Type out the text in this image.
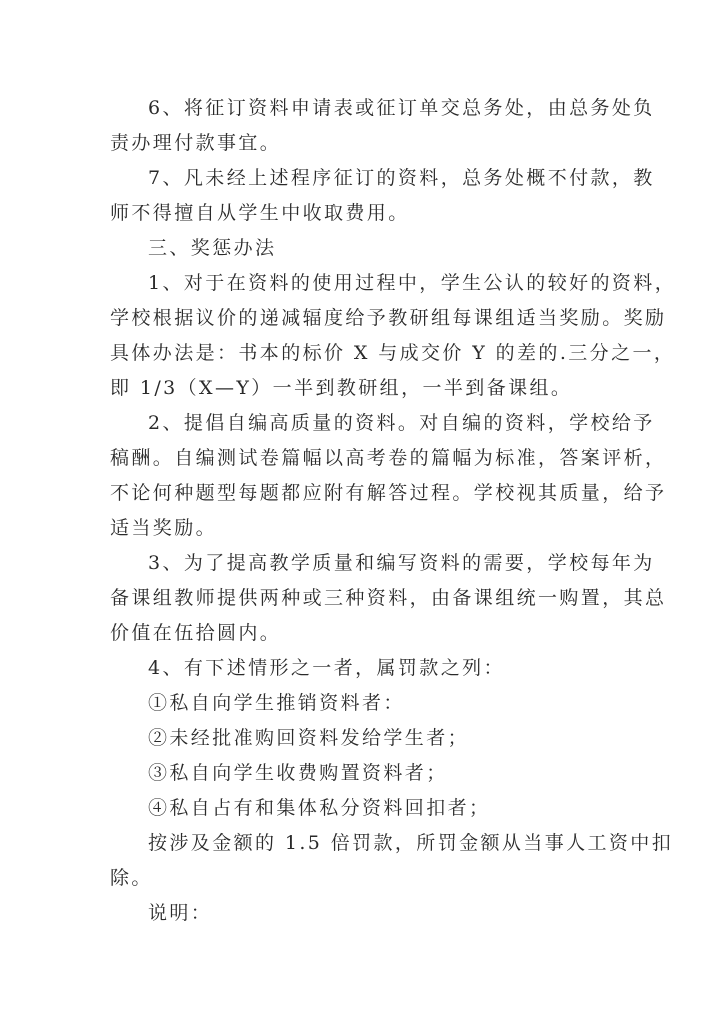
6、将征订资料申请表或征订单交总务处，由总务处负
责办理付款事宜。
7、凡未经上述程序征订的资料，总务处概不付款，教
师不得擅自从学生中收取费用。
三、奖惩办法
1、对于在资料的使用过程中，学生公认的较好的资料，
学校根据议价的递减辐度给予教研组每课组适当奖励。奖励
具体办法是：书本的标价 X 与成交价 Y 的差的.三分之一，
即 1/3（X—Y）一半到教研组，一半到备课组。
2、提倡自编高质量的资料。对自编的资料，学校给予
稿酬。自编测试卷篇幅以高考卷的篇幅为标准，答案评析，
不论何种题型每题都应附有解答过程。学校视其质量，给予
适当奖励。
3、为了提高教学质量和编写资料的需要，学校每年为
备课组教师提供两种或三种资料，由备课组统一购置，其总
价值在伍拾圆内。
4、有下述情形之一者，属罚款之列：
①私自向学生推销资料者：
②未经批准购回资料发给学生者；
③私自向学生收费购置资料者；
④私自占有和集体私分资料回扣者；
按涉及金额的 1.5 倍罚款，所罚金额从当事人工资中扣
除。
说明：
